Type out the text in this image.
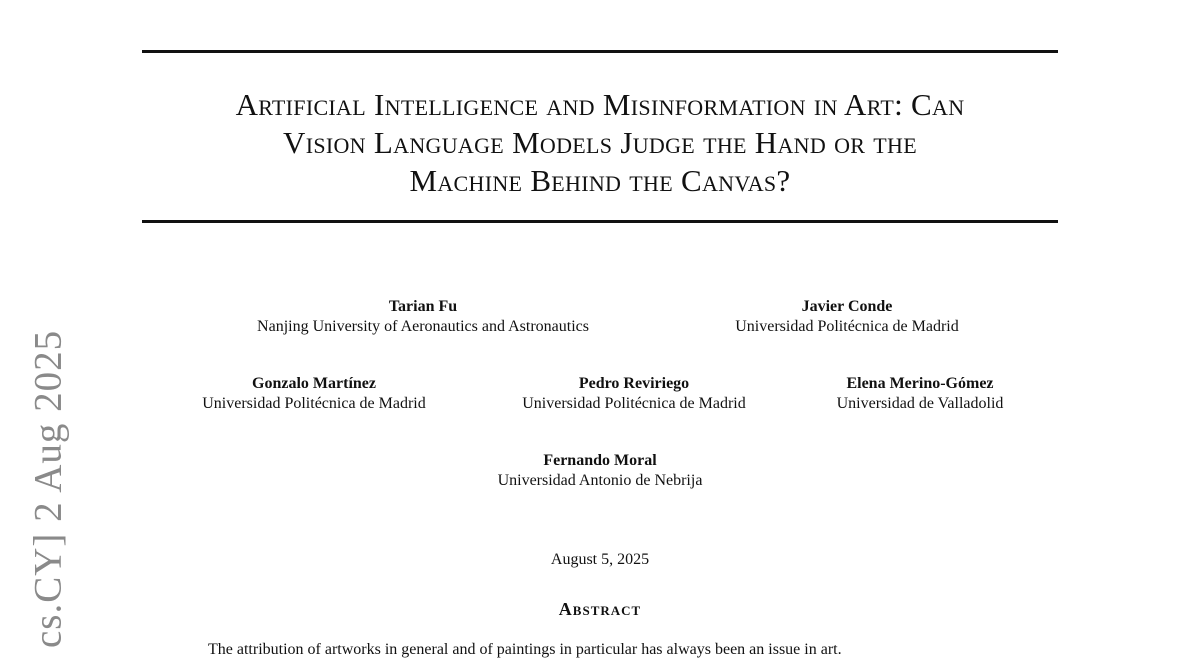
Artificial Intelligence and Misinformation in Art: Can
Vision Language Models Judge the Hand or the
Machine Behind the Canvas?
Tarian Fu
Nanjing University of Aeronautics and Astronautics
Javier Conde
Universidad Politécnica de Madrid
Gonzalo Martínez
Universidad Politécnica de Madrid
Pedro Reviriego
Universidad Politécnica de Madrid
Elena Merino-Gómez
Universidad de Valladolid
Fernando Moral
Universidad Antonio de Nebrija
August 5, 2025
Abstract
The attribution of artworks in general and of paintings in particular has always been an issue in art.
cs.CY] 2 Aug 2025
